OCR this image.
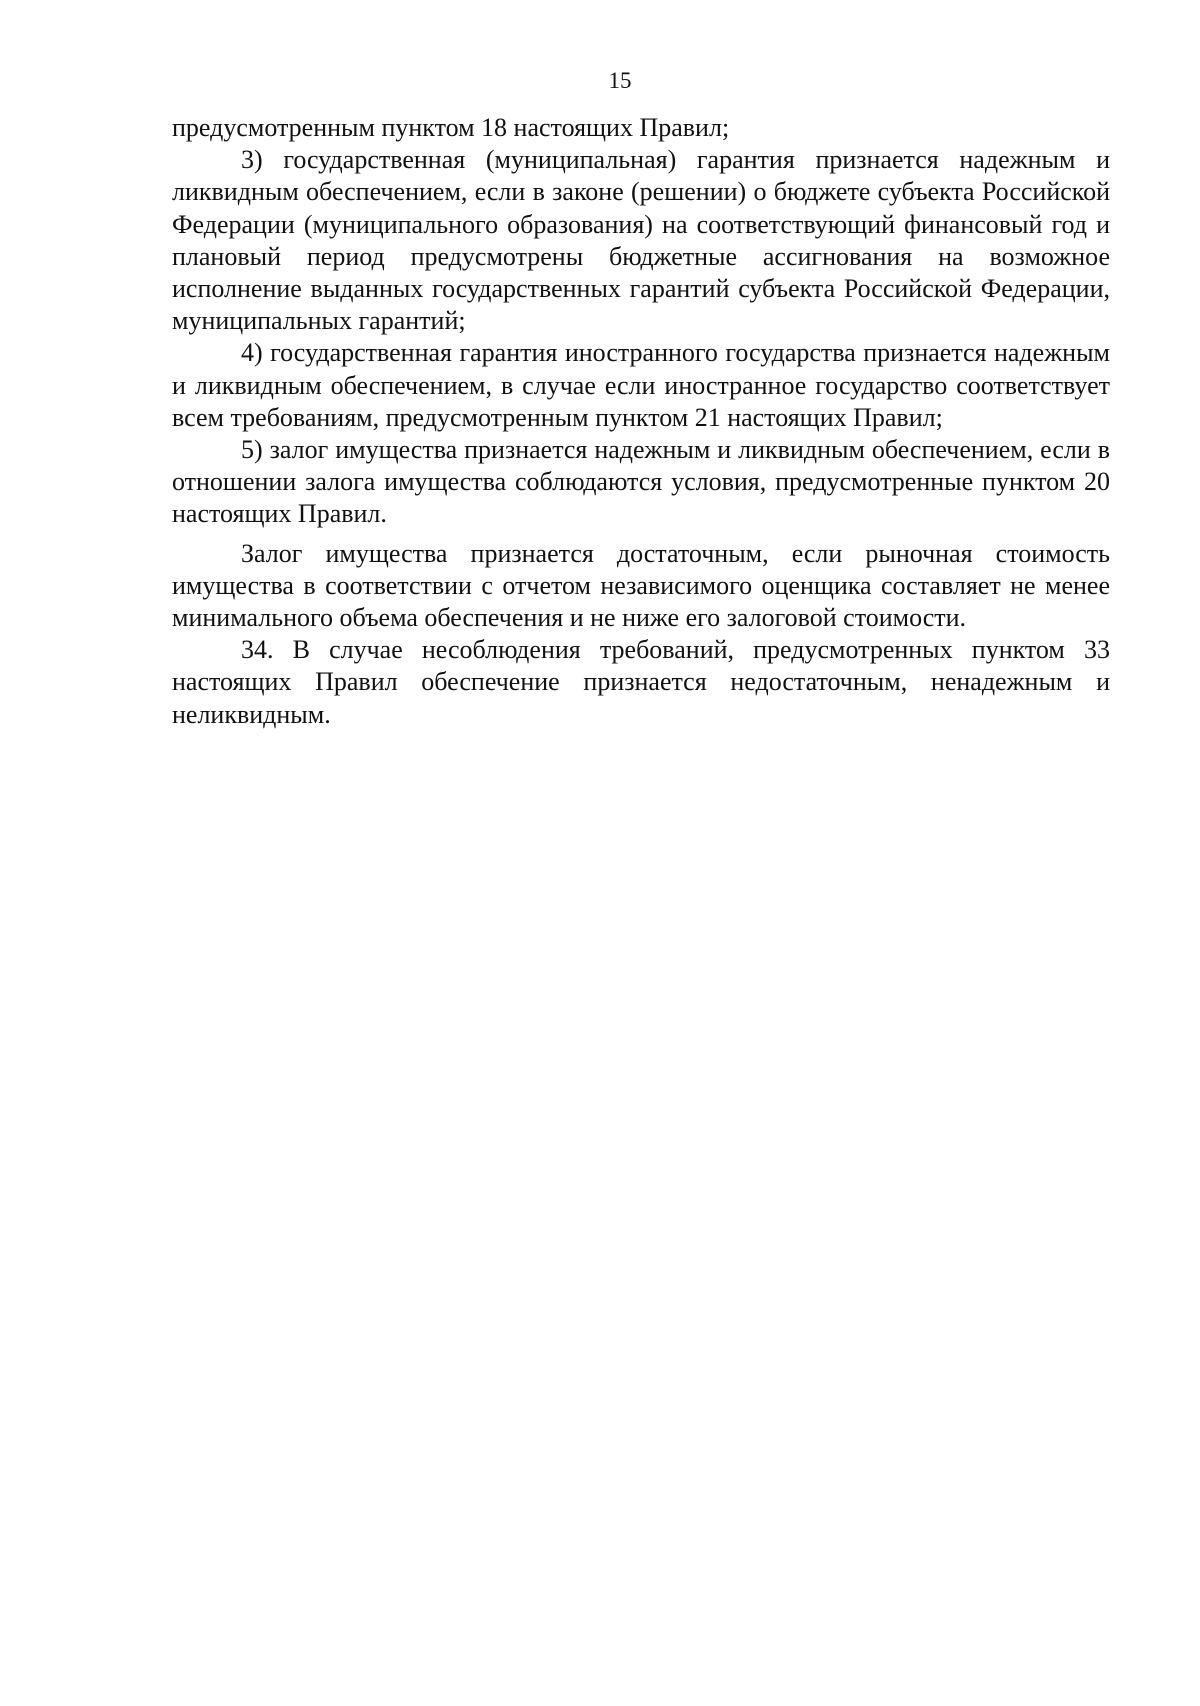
15

предусмотренным пунктом 18 настоящих Правил;

3) государственная (муниципальная) гарантия признается надежным и ликвидным обеспечением, если в законе (решении) о бюджете субъекта Российской Федерации (муниципального образования) на соответствующий финансовый год и плановый период предусмотрены бюджетные ассигнования на возможное исполнение выданных государственных гарантий субъекта Российской Федерации, муниципальных гарантий;

4) государственная гарантия иностранного государства признается надежным и ликвидным обеспечением, в случае если иностранное государство соответствует всем требованиям, предусмотренным пунктом 21 настоящих Правил;

5) залог имущества признается надежным и ликвидным обеспечением, если в отношении залога имущества соблюдаются условия, предусмотренные пунктом 20 настоящих Правил.

Залог имущества признается достаточным, если рыночная стоимость имущества в соответствии с отчетом независимого оценщика составляет не менее минимального объема обеспечения и не ниже его залоговой стоимости.

34. В случае несоблюдения требований, предусмотренных пунктом 33 настоящих Правил обеспечение признается недостаточным, ненадежным и неликвидным.
